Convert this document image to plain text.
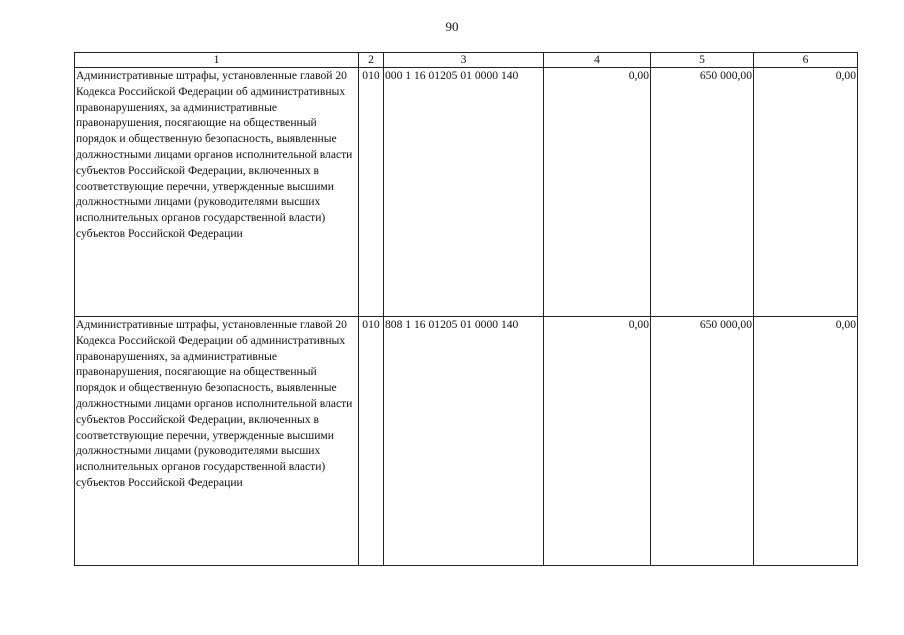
90
1	2	3	4	5	6
Административные штрафы, установленные главой 20 Кодекса Российской Федерации об административных правонарушениях, за административные правонарушения, посягающие на общественный порядок и общественную безопасность, выявленные должностными лицами органов исполнительной власти субъектов Российской Федерации, включенных в соответствующие перечни, утвержденные высшими должностными лицами (руководителями высших исполнительных органов государственной власти) субъектов Российской Федерации	010	000 1 16 01205 01 0000 140	0,00	650 000,00	0,00
Административные штрафы, установленные главой 20 Кодекса Российской Федерации об административных правонарушениях, за административные правонарушения, посягающие на общественный порядок и общественную безопасность, выявленные должностными лицами органов исполнительной власти субъектов Российской Федерации, включенных в соответствующие перечни, утвержденные высшими должностными лицами (руководителями высших исполнительных органов государственной власти) субъектов Российской Федерации	010	808 1 16 01205 01 0000 140	0,00	650 000,00	0,00
